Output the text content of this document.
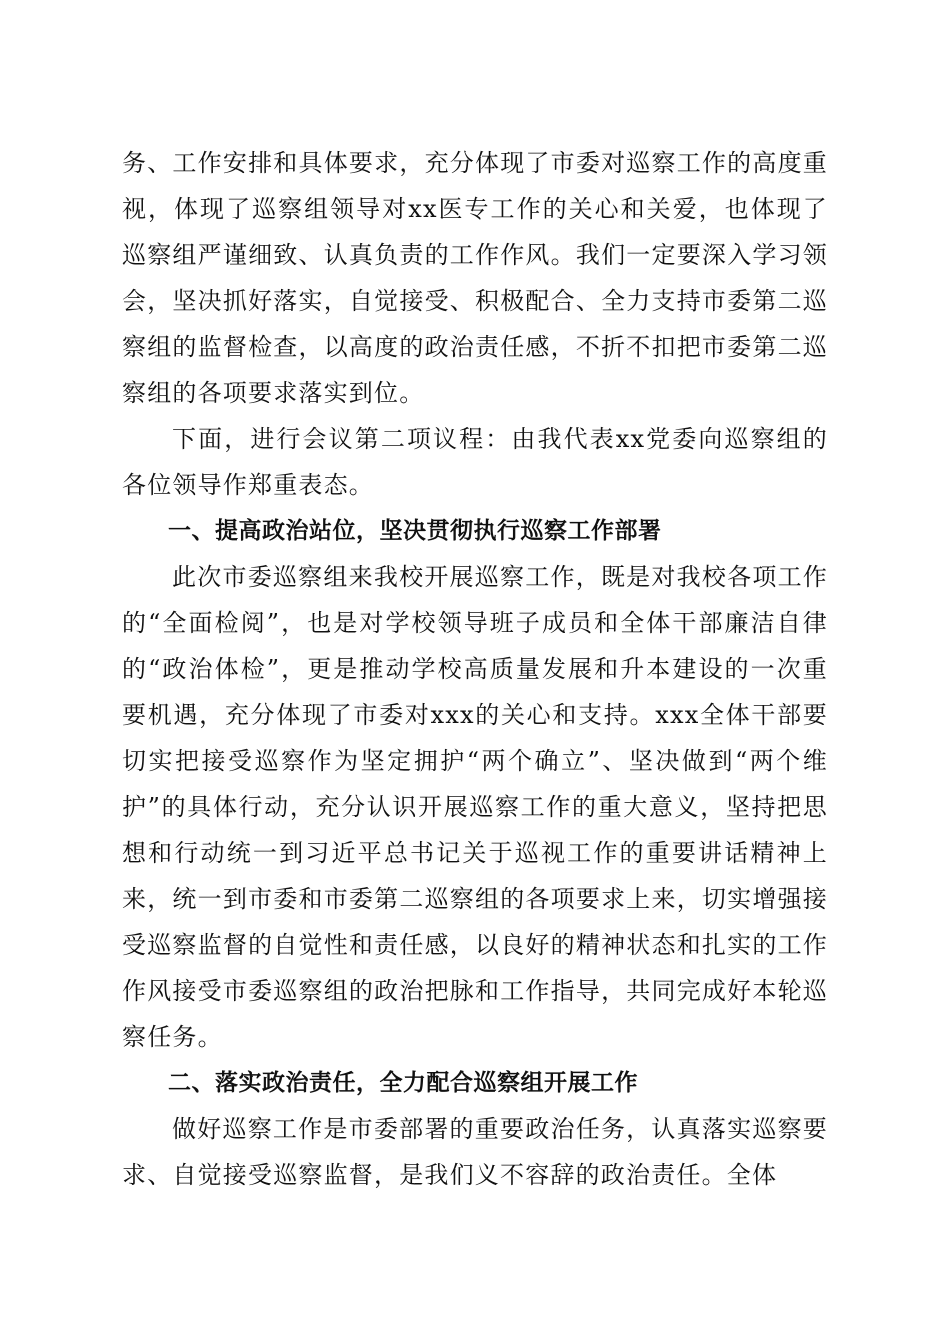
务、工作安排和具体要求，充分体现了市委对巡察工作的高度重视，体现了巡察组领导对xx医专工作的关心和关爱，也体现了巡察组严谨细致、认真负责的工作作风。我们一定要深入学习领会，坚决抓好落实，自觉接受、积极配合、全力支持市委第二巡察组的监督检查，以高度的政治责任感，不折不扣把市委第二巡察组的各项要求落实到位。

下面，进行会议第二项议程：由我代表xx党委向巡察组的各位领导作郑重表态。

一、提高政治站位，坚决贯彻执行巡察工作部署

此次市委巡察组来我校开展巡察工作，既是对我校各项工作的“全面检阅”，也是对学校领导班子成员和全体干部廉洁自律的“政治体检”，更是推动学校高质量发展和升本建设的一次重要机遇，充分体现了市委对xxx的关心和支持。xxx全体干部要切实把接受巡察作为坚定拥护“两个确立”、坚决做到“两个维护”的具体行动，充分认识开展巡察工作的重大意义，坚持把思想和行动统一到习近平总书记关于巡视工作的重要讲话精神上来，统一到市委和市委第二巡察组的各项要求上来，切实增强接受巡察监督的自觉性和责任感，以良好的精神状态和扎实的工作作风接受市委巡察组的政治把脉和工作指导，共同完成好本轮巡察任务。

二、落实政治责任，全力配合巡察组开展工作

做好巡察工作是市委部署的重要政治任务，认真落实巡察要求、自觉接受巡察监督，是我们义不容辞的政治责任。全体
